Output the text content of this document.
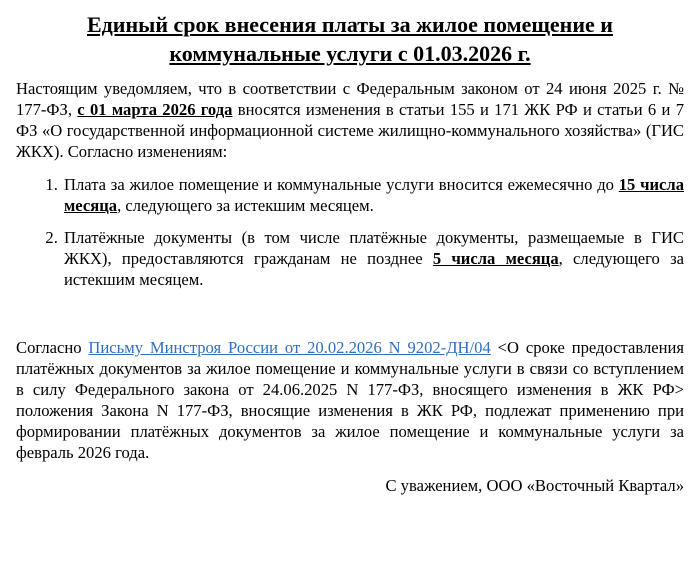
Единый срок внесения платы за жилое помещение и
коммунальные услуги с 01.03.2026 г.

Настоящим уведомляем, что в соответствии с Федеральным законом от 24 июня 2025 г. № 177-ФЗ, с 01 марта 2026 года вносятся изменения в статьи 155 и 171 ЖК РФ и статьи 6 и 7 ФЗ «О государственной информационной системе жилищно-коммунального хозяйства» (ГИС ЖКХ). Согласно изменениям:

1. Плата за жилое помещение и коммунальные услуги вносится ежемесячно до 15 числа месяца, следующего за истекшим месяцем.
2. Платёжные документы (в том числе платёжные документы, размещаемые в ГИС ЖКХ), предоставляются гражданам не позднее 5 числа месяца, следующего за истекшим месяцем.

Согласно Письму Минстроя России от 20.02.2026 N 9202-ДН/04 <О сроке предоставления платёжных документов за жилое помещение и коммунальные услуги в связи со вступлением в силу Федерального закона от 24.06.2025 N 177-ФЗ, вносящего изменения в ЖК РФ> положения Закона N 177-ФЗ, вносящие изменения в ЖК РФ, подлежат применению при формировании платёжных документов за жилое помещение и коммунальные услуги за февраль 2026 года.

С уважением, ООО «Восточный Квартал»
